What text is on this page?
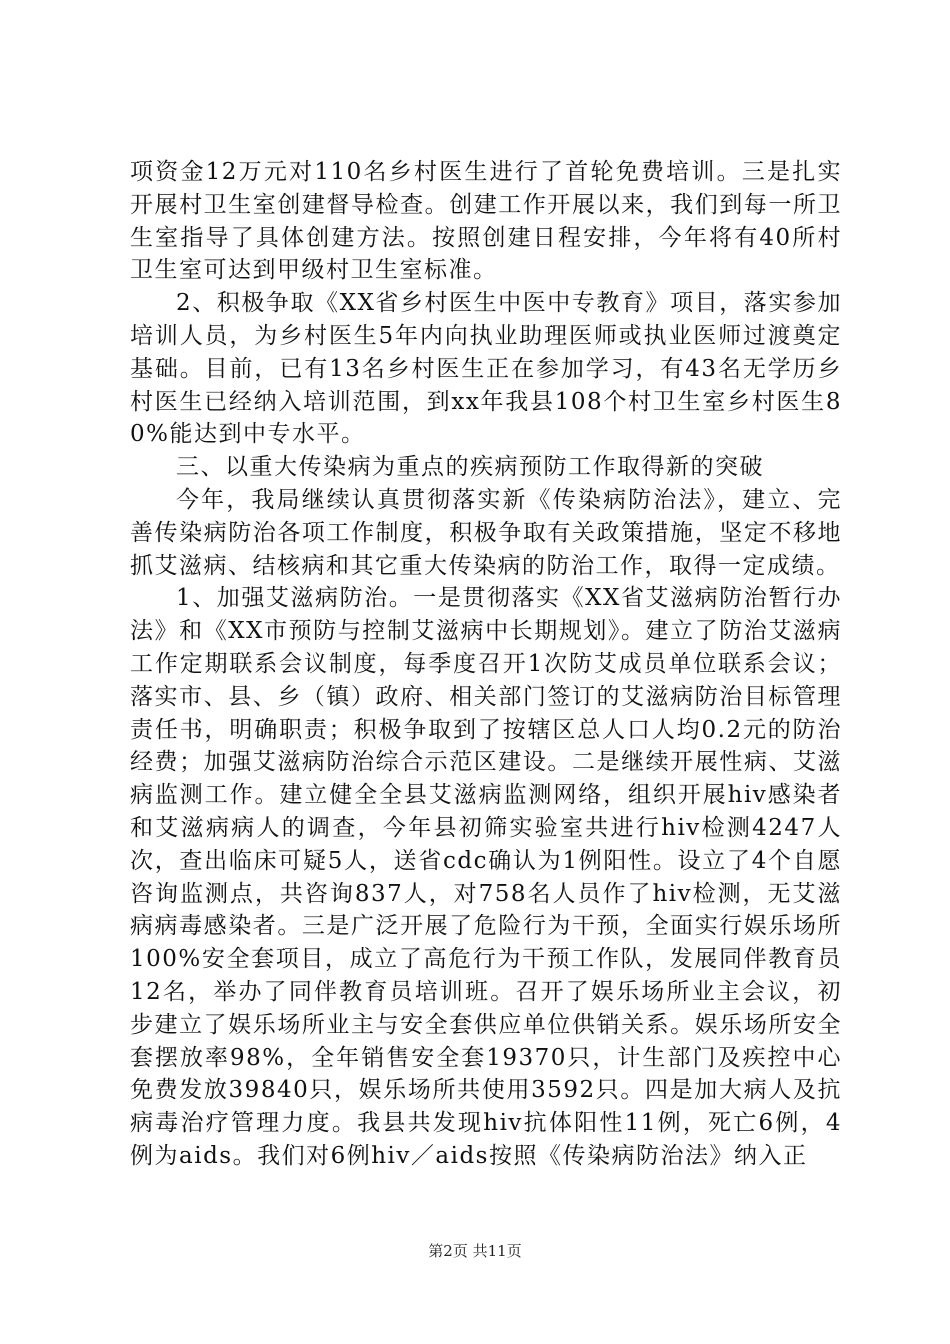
项资金12万元对110名乡村医生进行了首轮免费培训。三是扎实开展村卫生室创建督导检查。创建工作开展以来，我们到每一所卫生室指导了具体创建方法。按照创建日程安排，今年将有40所村卫生室可达到甲级村卫生室标准。

2、积极争取《XX省乡村医生中医中专教育》项目，落实参加培训人员，为乡村医生5年内向执业助理医师或执业医师过渡奠定基础。目前，已有13名乡村医生正在参加学习，有43名无学历乡村医生已经纳入培训范围，到xx年我县108个村卫生室乡村医生80%能达到中专水平。

三、以重大传染病为重点的疾病预防工作取得新的突破

今年，我局继续认真贯彻落实新《传染病防治法》，建立、完善传染病防治各项工作制度，积极争取有关政策措施，坚定不移地抓艾滋病、结核病和其它重大传染病的防治工作，取得一定成绩。

1、加强艾滋病防治。一是贯彻落实《XX省艾滋病防治暂行办法》和《XX市预防与控制艾滋病中长期规划》。建立了防治艾滋病工作定期联系会议制度，每季度召开1次防艾成员单位联系会议；落实市、县、乡（镇）政府、相关部门签订的艾滋病防治目标管理责任书，明确职责；积极争取到了按辖区总人口人均0.2元的防治经费；加强艾滋病防治综合示范区建设。二是继续开展性病、艾滋病监测工作。建立健全全县艾滋病监测网络，组织开展hiv感染者和艾滋病病人的调查，今年县初筛实验室共进行hiv检测4247人次，查出临床可疑5人，送省cdc确认为1例阳性。设立了4个自愿咨询监测点，共咨询837人，对758名人员作了hiv检测，无艾滋病病毒感染者。三是广泛开展了危险行为干预，全面实行娱乐场所100%安全套项目，成立了高危行为干预工作队，发展同伴教育员12名，举办了同伴教育员培训班。召开了娱乐场所业主会议，初步建立了娱乐场所业主与安全套供应单位供销关系。娱乐场所安全套摆放率98%，全年销售安全套19370只，计生部门及疾控中心免费发放39840只，娱乐场所共使用3592只。四是加大病人及抗病毒治疗管理力度。我县共发现hiv抗体阳性11例，死亡6例，4例为aids。我们对6例hiv／aids按照《传染病防治法》纳入正

第2页 共11页
